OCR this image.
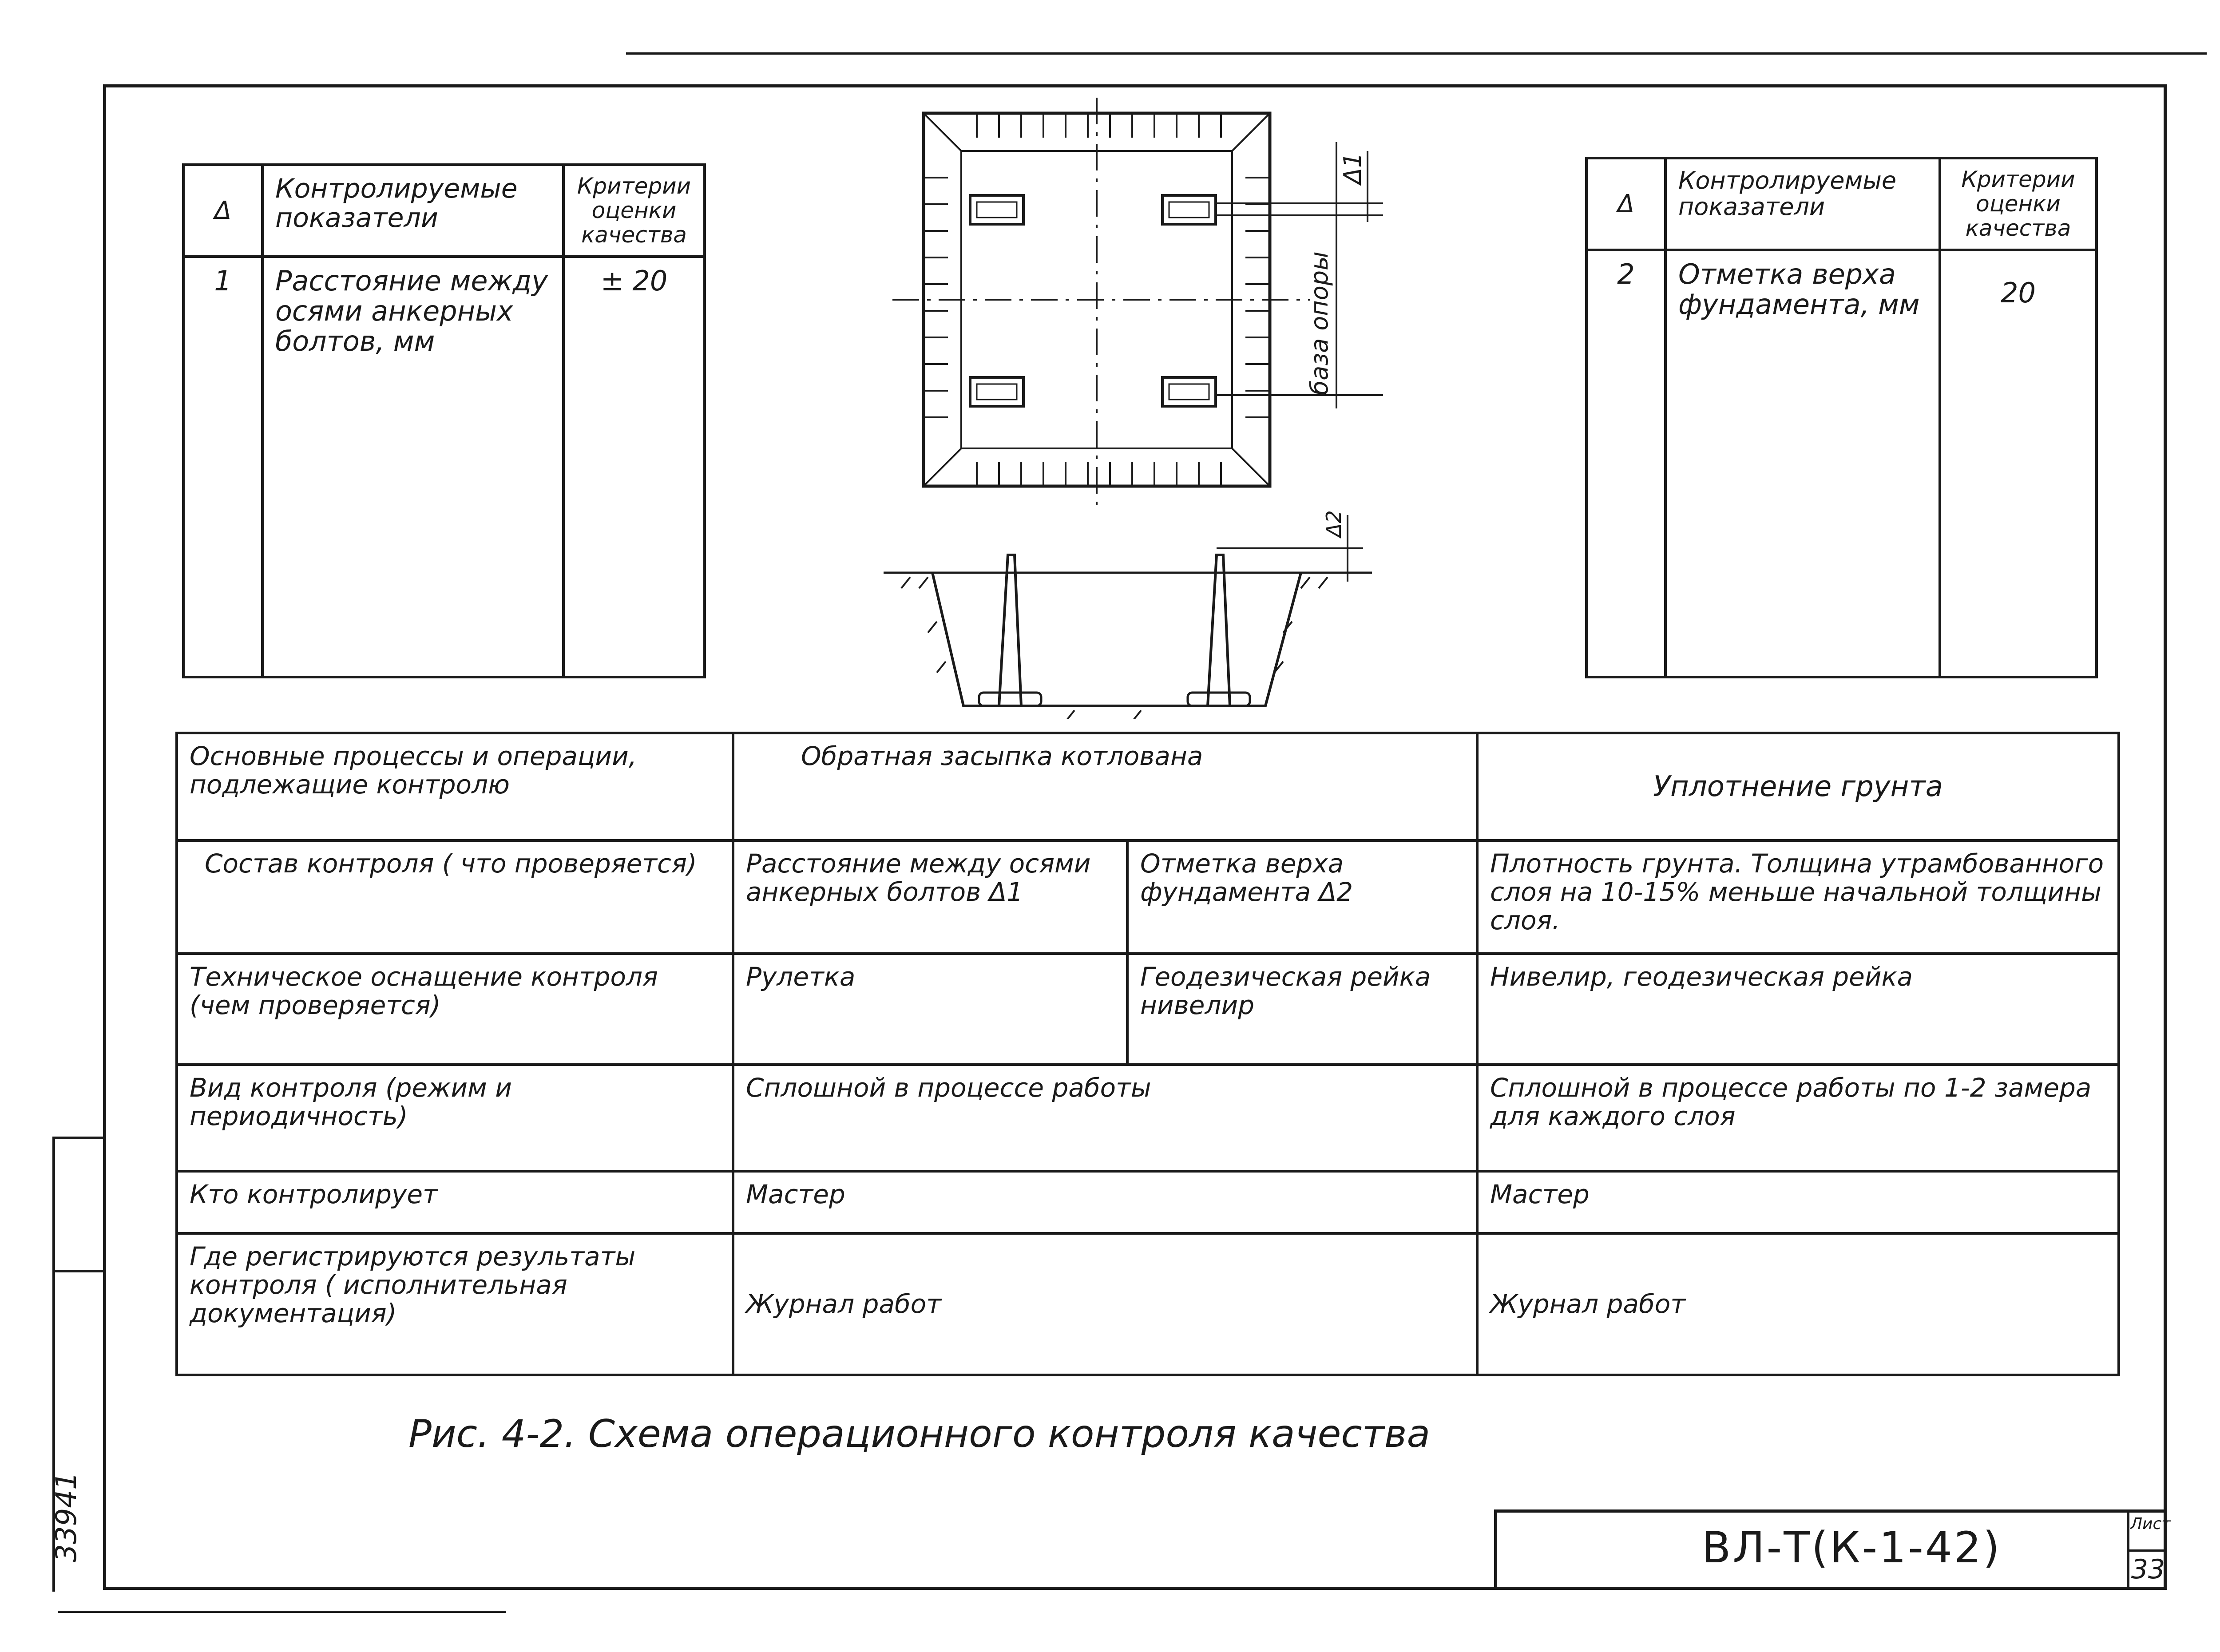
33941
Δ	Контролируемые показатели	Критерии оценки качества
1	Расстояние между осями анкерных болтов, мм	± 20
Δ	Контролируемые показатели	Критерии оценки качества
2	Отметка верха фундамента, мм	20
база опоры
Δ1
Δ2
Основные процессы и операции, подлежащие контролю	Обратная засыпка котлована		Уплотнение грунта
Состав контроля ( что проверяется)	Расстояние между осями анкерных болтов Δ1	Отметка верха фундамента Δ2	Плотность грунта. Толщина утрамбованного слоя на 10-15% меньше начальной толщины слоя.
Техническое оснащение контроля (чем проверяется)	Рулетка	Геодезическая рейка нивелир	Нивелир, геодезическая рейка
Вид контроля (режим и периодичность)	Сплошной в процессе работы		Сплошной в процессе работы по 1-2 замера для каждого слоя
Кто контролирует	Мастер		Мастер
Где регистрируются результаты контроля ( исполнительная документация)	Журнал работ		Журнал работ
Рис. 4-2. Схема операционного контроля качества
ВЛ-Т(К-1-42)	Лист
33
